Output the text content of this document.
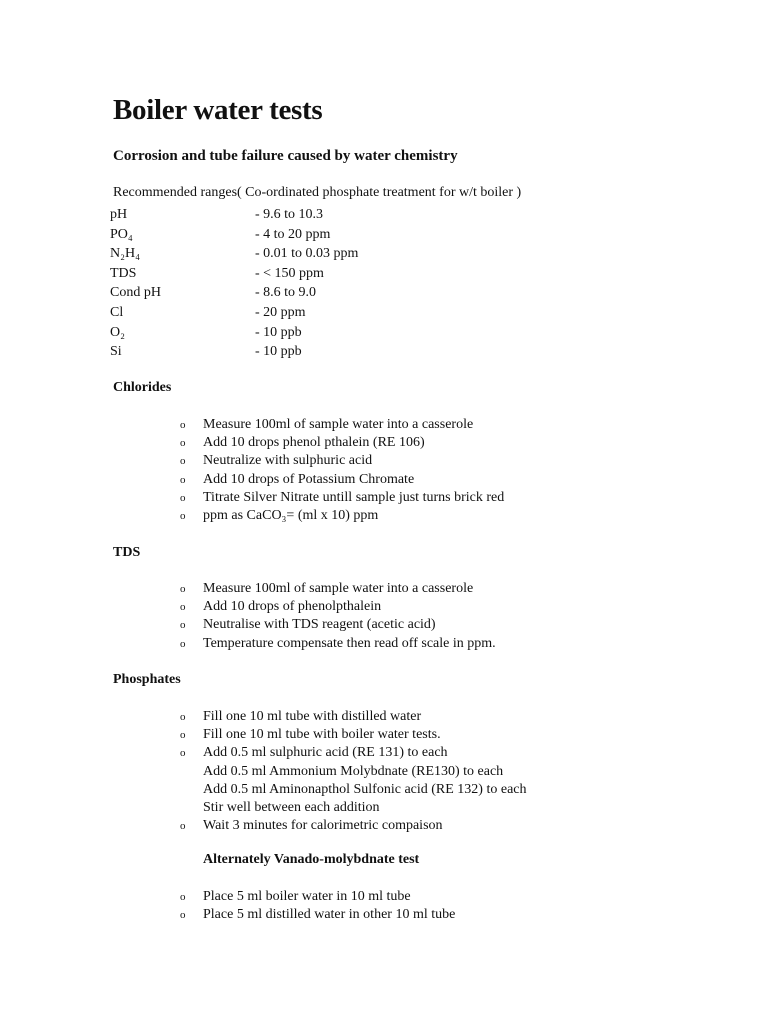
Boiler water tests
Corrosion and tube failure caused by water chemistry
Recommended ranges( Co-ordinated phosphate treatment for w/t boiler )
pH	- 9.6 to 10.3
PO₄	- 4 to 20 ppm
N₂H₄	- 0.01 to 0.03 ppm
TDS	- < 150 ppm
Cond pH	- 8.6 to 9.0
Cl	- 20 ppm
O₂	- 10 ppb
Si	- 10 ppb
Chlorides
o Measure 100ml of sample water into a casserole
o Add 10 drops phenol pthalein (RE 106)
o Neutralize with sulphuric acid
o Add 10 drops of Potassium Chromate
o Titrate Silver Nitrate untill sample just turns brick red
o ppm as CaCO₃= (ml x 10) ppm
TDS
o Measure 100ml of sample water into a casserole
o Add 10 drops of phenolpthalein
o Neutralise with TDS reagent (acetic acid)
o Temperature compensate then read off scale in ppm.
Phosphates
o Fill one 10 ml tube with distilled water
o Fill one 10 ml tube with boiler water tests.
o Add 0.5 ml sulphuric acid (RE 131) to each
Add 0.5 ml Ammonium Molybdnate (RE130) to each
Add 0.5 ml Aminonapthol Sulfonic acid (RE 132) to each
Stir well between each addition
o Wait 3 minutes for calorimetric compaison
Alternately Vanado-molybdnate test
o Place 5 ml boiler water in 10 ml tube
o Place 5 ml distilled water in other 10 ml tube
